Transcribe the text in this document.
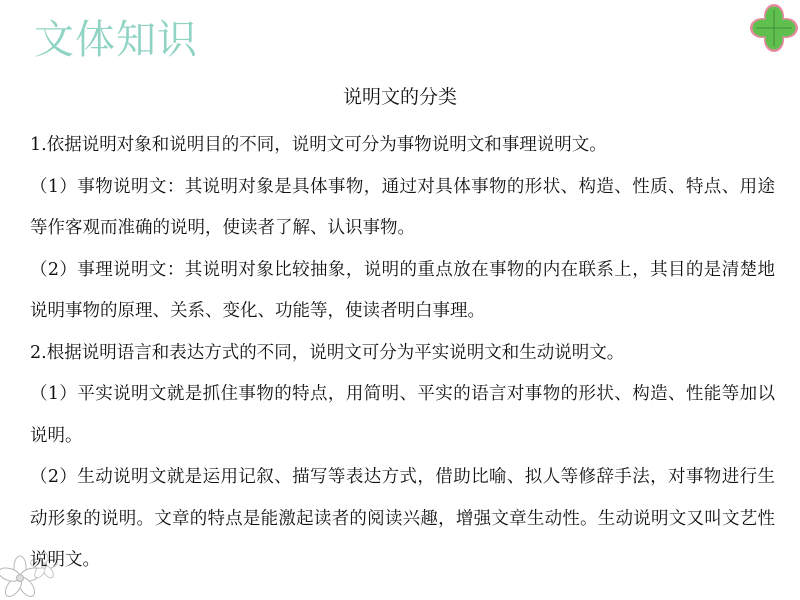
文体知识
说明文的分类

1.依据说明对象和说明目的不同，说明文可分为事物说明文和事理说明文。

（1）事物说明文：其说明对象是具体事物，通过对具体事物的形状、构造、性质、特点、用途等作客观而准确的说明，使读者了解、认识事物。

（2）事理说明文：其说明对象比较抽象，说明的重点放在事物的内在联系上，其目的是清楚地说明事物的原理、关系、变化、功能等，使读者明白事理。

2.根据说明语言和表达方式的不同，说明文可分为平实说明文和生动说明文。

（1）平实说明文就是抓住事物的特点，用简明、平实的语言对事物的形状、构造、性能等加以说明。

（2）生动说明文就是运用记叙、描写等表达方式，借助比喻、拟人等修辞手法，对事物进行生动形象的说明。文章的特点是能激起读者的阅读兴趣，增强文章生动性。生动说明文又叫文艺性说明文。
